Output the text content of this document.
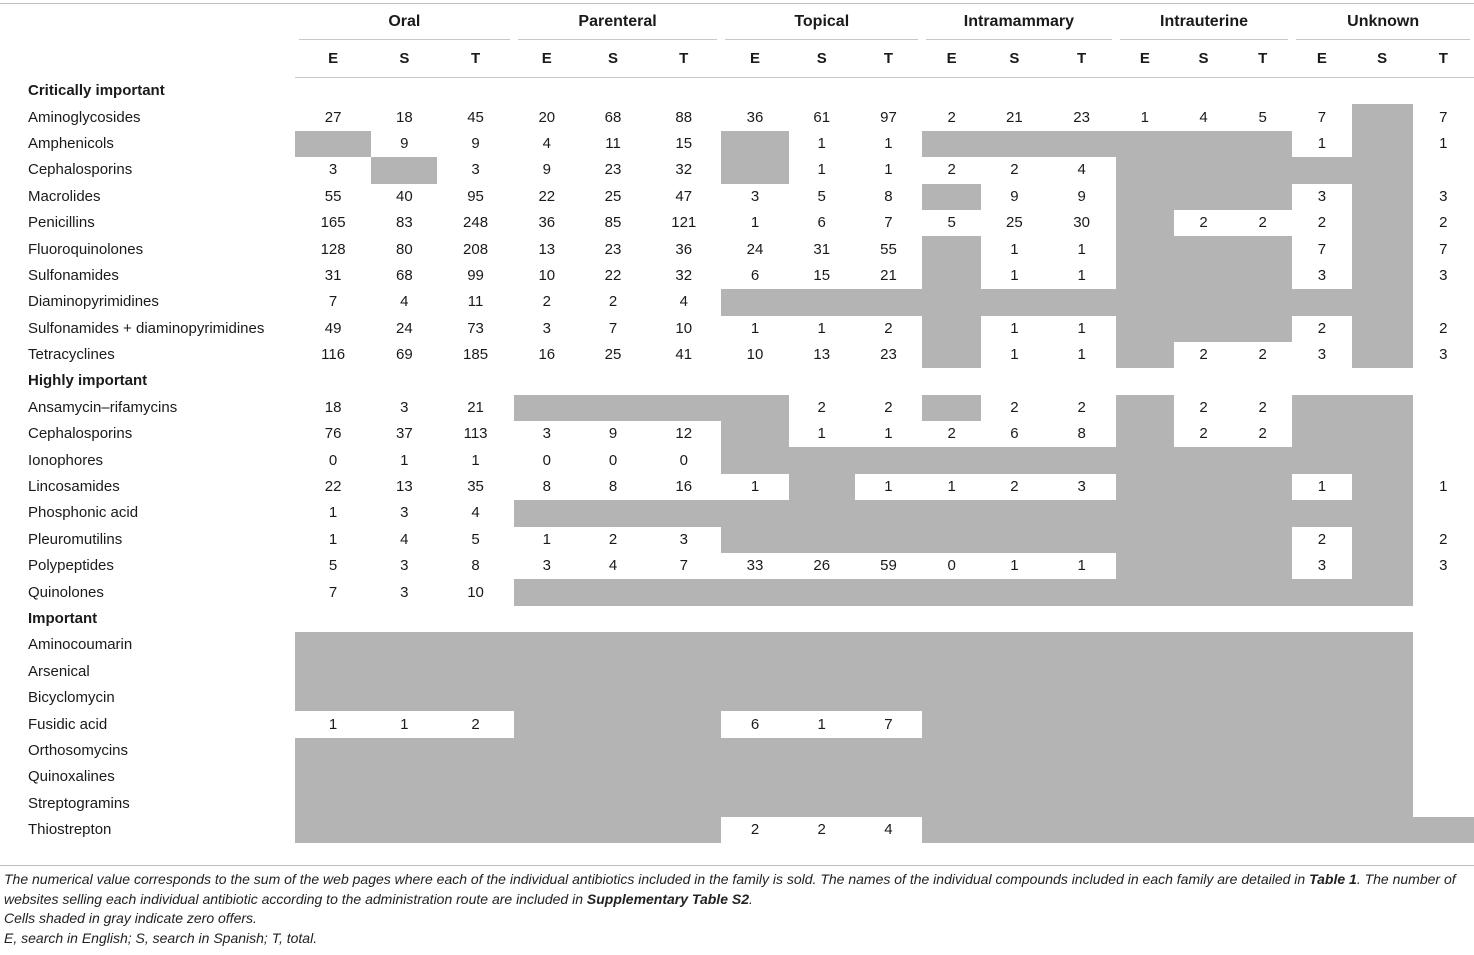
	Oral			Parenteral			Topical			Intramammary			Intrauterine			Unknown		
	E	S	T	E	S	T	E	S	T	E	S	T	E	S	T	E	S	T
Critically important																		
Aminoglycosides	27	18	45	20	68	88	36	61	97	2	21	23	1	4	5	7		7
Amphenicols		9	9	4	11	15		1	1							1		1
Cephalosporins	3		3	9	23	32		1	1	2	2	4						
Macrolides	55	40	95	22	25	47	3	5	8		9	9				3		3
Penicillins	165	83	248	36	85	121	1	6	7	5	25	30		2	2	2		2
Fluoroquinolones	128	80	208	13	23	36	24	31	55		1	1				7		7
Sulfonamides	31	68	99	10	22	32	6	15	21		1	1				3		3
Diaminopyrimidines	7	4	11	2	2	4												
Sulfonamides + diaminopyrimidines	49	24	73	3	7	10	1	1	2		1	1				2		2
Tetracyclines	116	69	185	16	25	41	10	13	23		1	1		2	2	3		3
Highly important																		
Ansamycin–rifamycins	18	3	21					2	2		2	2		2	2			
Cephalosporins	76	37	113	3	9	12		1	1	2	6	8		2	2			
Ionophores	0	1	1	0	0	0												
Lincosamides	22	13	35	8	8	16	1		1	1	2	3				1		1
Phosphonic acid	1	3	4															
Pleuromutilins	1	4	5	1	2	3										2		2
Polypeptides	5	3	8	3	4	7	33	26	59	0	1	1				3		3
Quinolones	7	3	10															
Important																		
Aminocoumarin																		
Arsenical																		
Bicyclomycin																		
Fusidic acid	1	1	2				6	1	7									
Orthosomycins																		
Quinoxalines																		
Streptogramins																		
Thiostrepton							2	2	4									

The numerical value corresponds to the sum of the web pages where each of the individual antibiotics included in the family is sold. The names of the individual compounds included in each family are detailed in Table 1. The number of websites selling each individual antibiotic according to the administration route are included in Supplementary Table S2.

Cells shaded in gray indicate zero offers.

E, search in English; S, search in Spanish; T, total.
